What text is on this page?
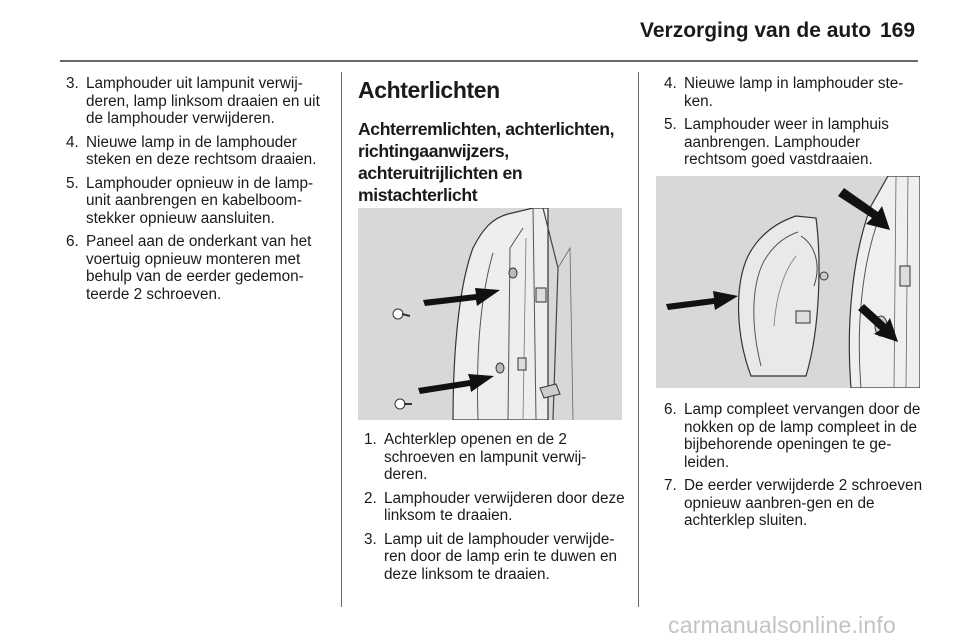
Verzorging van de auto 169
3. Lamphouder uit lampunit verwij-deren, lamp linksom draaien en uit de lamphouder verwijderen.
4. Nieuwe lamp in de lamphouder steken en deze rechtsom draaien.
5. Lamphouder opnieuw in de lamp-unit aanbrengen en kabelboom-stekker opnieuw aansluiten.
6. Paneel aan de onderkant van het voertuig opnieuw monteren met behulp van de eerder gedemon-teerde 2 schroeven.
Achterlichten
Achterremlichten, achterlichten, richtingaanwijzers, achteruitrijlichten en mistachterlicht
1. Achterklep openen en de 2 schroeven en lampunit verwij-deren.
2. Lamphouder verwijderen door deze linksom te draaien.
3. Lamp uit de lamphouder verwijde-ren door de lamp erin te duwen en deze linksom te draaien.
4. Nieuwe lamp in lamphouder ste-ken.
5. Lamphouder weer in lamphuis aanbrengen. Lamphouder rechtsom goed vastdraaien.
6. Lamp compleet vervangen door de nokken op de lamp compleet in de bijbehorende openingen te ge-leiden.
7. De eerder verwijderde 2 schroeven opnieuw aanbren-gen en de achterklep sluiten.
carmanualsonline.info
